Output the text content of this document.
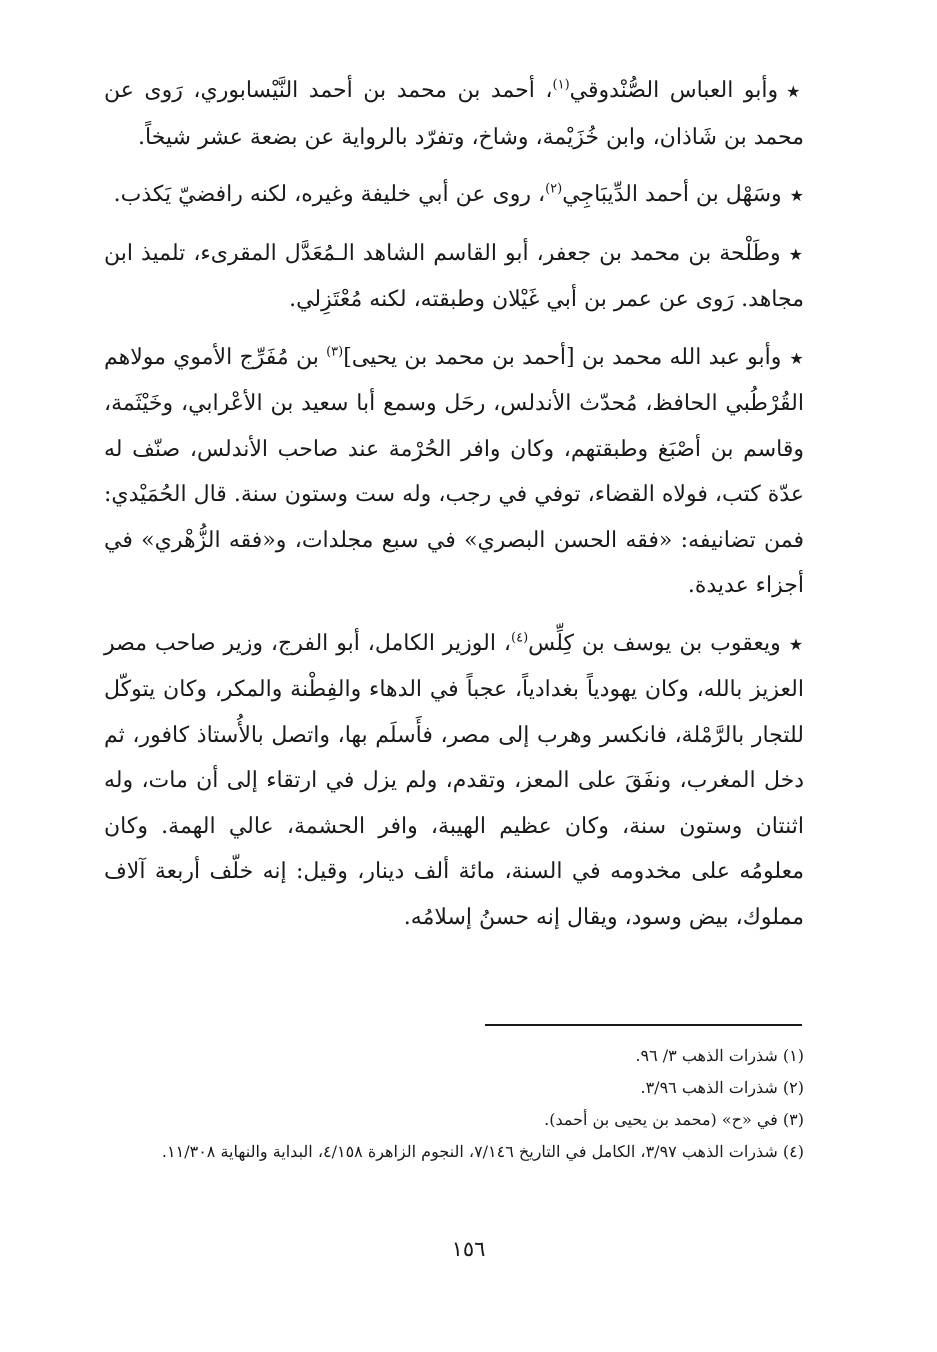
★وأبو العباس الصُّنْدوقي$^{(١)}$، أحمد بن محمد بن أحمد النَّيْسابوري، رَوى عن محمد بن شَاذان، وابن خُزَيْمة، وشاخ، وتفرّد بالرواية عن بضعة عشر شيخاً.

★وسَهْل بن أحمد الدِّيبَاجِي$^{(٢)}$، روى عن أبي خليفة وغيره، لكنه رافضيّ يَكذب.

★وطَلْحة بن محمد بن جعفر، أبو القاسم الشاهد الـمُعَدَّل المقرىء، تلميذ ابن مجاهد. رَوى عن عمر بن أبي غَيْلان وطبقته، لكنه مُعْتَزِلي.

★وأبو عبد الله محمد بن [أحمد بن محمد بن يحيى]$^{(٣)}$ بن مُفَرِّج الأموي مولاهم القُرْطُبي الحافظ، مُحدّث الأندلس، رحَل وسمع أبا سعيد بن الأعْرابي، وخَيْثَمة، وقاسم بن أصْبَغ وطبقتهم، وكان وافر الحُرْمة عند صاحب الأندلس، صنّف له عدّة كتب، فولاه القضاء، توفي في رجب، وله ست وستون سنة. قال الحُمَيْدي: فمن تضانيفه: «فقه الحسن البصري» في سبع مجلدات، و«فقه الزُّهْري» في أجزاء عديدة.

★ويعقوب بن يوسف بن كِلِّس$^{(٤)}$، الوزير الكامل، أبو الفرج، وزير صاحب مصر العزيز بالله، وكان يهودياً بغدادياً، عجباً في الدهاء والفِطْنة والمكر، وكان يتوكّل للتجار بالرَّمْلة، فانكسر وهرب إلى مصر، فأَسلَم بها، واتصل بالأُستاذ كافور، ثم دخل المغرب، ونفَقَ على المعز، وتقدم، ولم يزل في ارتقاء إلى أن مات، وله اثنتان وستون سنة، وكان عظيم الهيبة، وافر الحشمة، عالي الهمة. وكان معلومُه على مخدومه في السنة، مائة ألف دينار، وقيل: إنه خلّف أربعة آلاف مملوك، بيض وسود، ويقال إنه حسنُ إسلامُه.

(١) شذرات الذهب ٣/ ٩٦.

(٢) شذرات الذهب ٣/٩٦.

(٣) في «ح» (محمد بن يحيى بن أحمد).

(٤) شذرات الذهب ٣/٩٧، الكامل في التاريخ ٧/١٤٦، النجوم الزاهرة ٤/١٥٨، البداية والنهاية ١١/٣٠٨.

١٥٦
